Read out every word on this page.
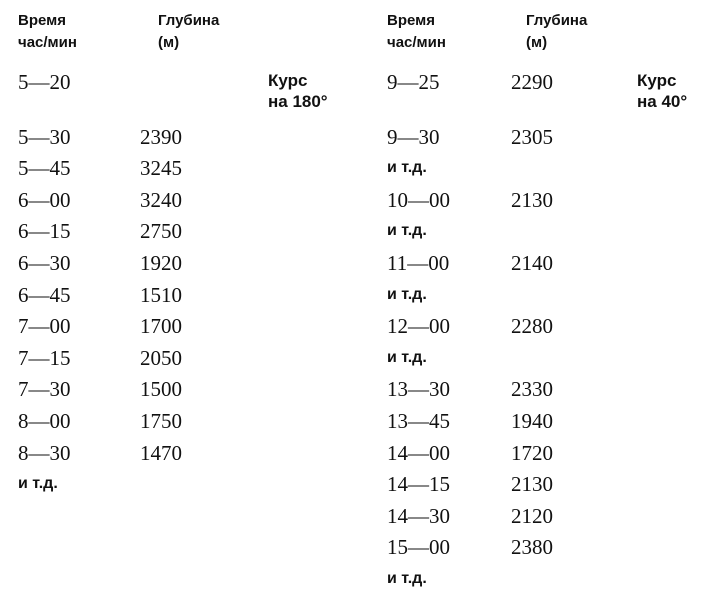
Время
час/мин
Глубина
(м)
Курс
на 180°
5—20
5—30	2390
5—45	3245
6—00	3240
6—15	2750
6—30	1920
6—45	1510
7—00	1700
7—15	2050
7—30	1500
8—00	1750
8—30	1470
и т.д.
Время
час/мин
Глубина
(м)
Курс
на 40°
9—25	2290
9—30	2305
и т.д.
10—00	2130
и т.д.
11—00	2140
и т.д.
12—00	2280
и т.д.
13—30	2330
13—45	1940
14—00	1720
14—15	2130
14—30	2120
15—00	2380
и т.д.
